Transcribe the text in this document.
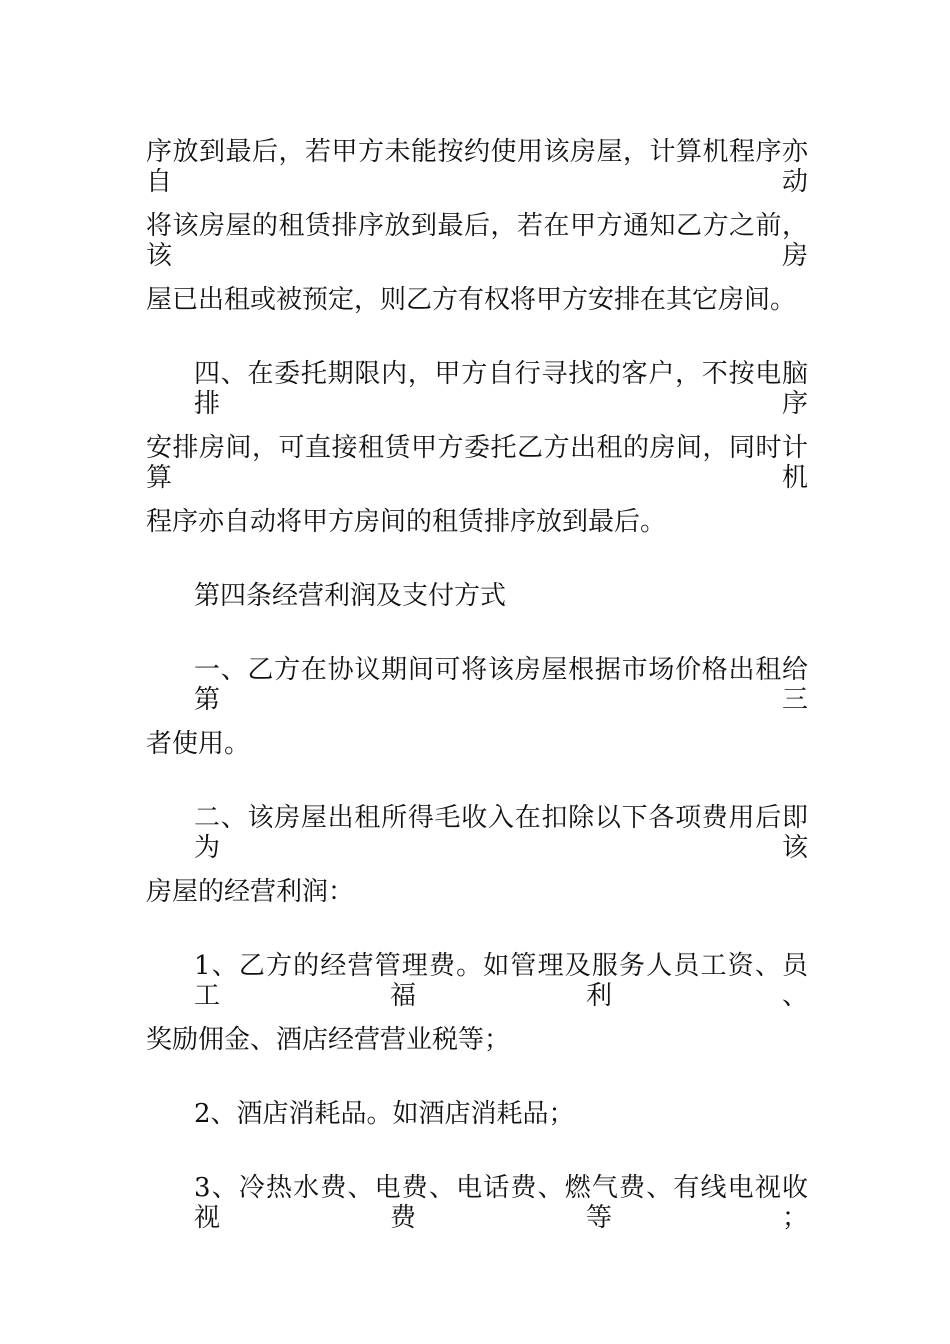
序放到最后，若甲方未能按约使用该房屋，计算机程序亦自动
将该房屋的租赁排序放到最后，若在甲方通知乙方之前，该房
屋已出租或被预定，则乙方有权将甲方安排在其它房间。
四、在委托期限内，甲方自行寻找的客户，不按电脑排序
安排房间，可直接租赁甲方委托乙方出租的房间，同时计算机
程序亦自动将甲方房间的租赁排序放到最后。
第四条经营利润及支付方式
一、乙方在协议期间可将该房屋根据市场价格出租给第三
者使用。
二、该房屋出租所得毛收入在扣除以下各项费用后即为该
房屋的经营利润：
1、乙方的经营管理费。如管理及服务人员工资、员工福利、
奖励佣金、酒店经营营业税等；
2、酒店消耗品。如酒店消耗品；
3、冷热水费、电费、电话费、燃气费、有线电视收视费等；
